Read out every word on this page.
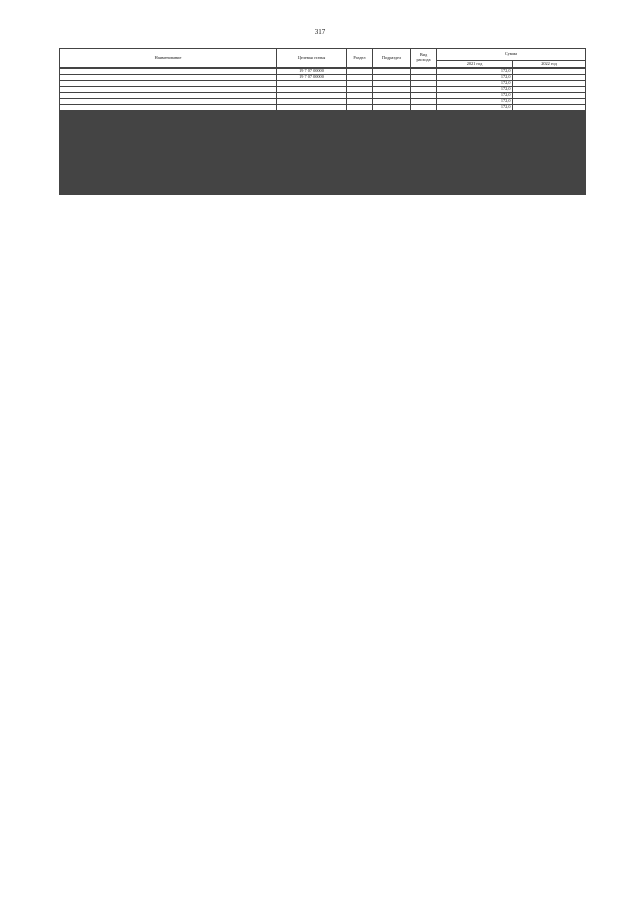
317
Наименование	Целевая статья	Раздел	Подраздел	Вид расхода	Сумма	
					2021 год	2022 год

	19 7 07 00000				172,0	
	19 7 07 00000				172,0	
					172,0	
					172,0	
					172,0	
					172,0	
					172,0	
